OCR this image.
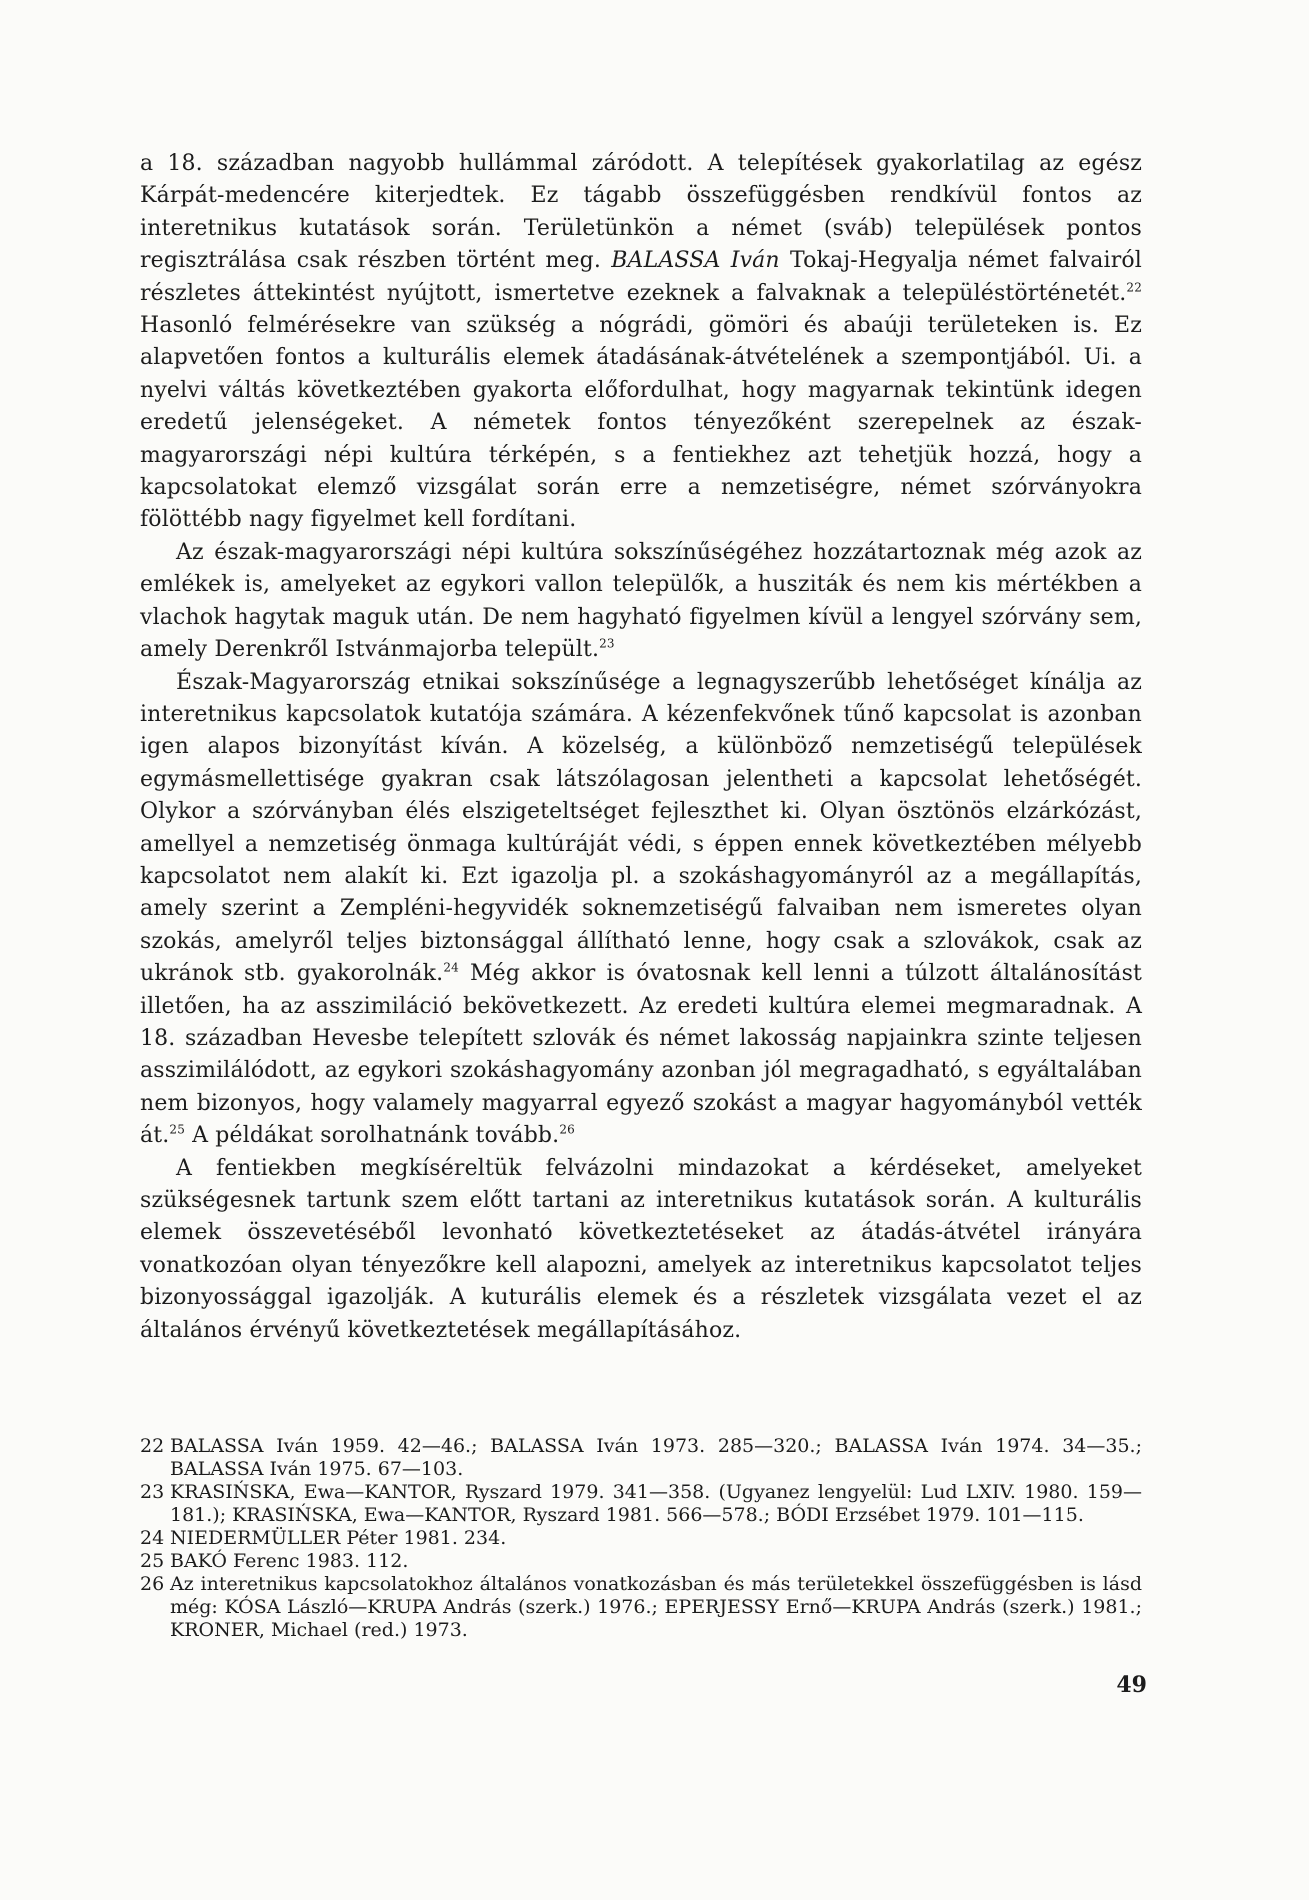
a 18. században nagyobb hullámmal záródott. A telepítések gyakorlatilag az egész Kárpát-medencére kiterjedtek. Ez tágabb összefüggésben rendkívül fontos az interetnikus kutatások során. Területünkön a német (sváb) települések pontos regisztrálása csak részben történt meg. BALASSA Iván Tokaj-Hegyalja német falvairól részletes áttekintést nyújtott, ismertetve ezeknek a falvaknak a településtörténetét.$^{22}$ Hasonló felmérésekre van szükség a nógrádi, gömöri és abaúji területeken is. Ez alapvetően fontos a kulturális elemek átadásának-átvételének a szempontjából. Ui. a nyelvi váltás következtében gyakorta előfordulhat, hogy magyarnak tekintünk idegen eredetű jelenségeket. A németek fontos tényezőként szerepelnek az észak-magyarországi népi kultúra térképén, s a fentiekhez azt tehetjük hozzá, hogy a kapcsolatokat elemző vizsgálat során erre a nemzetiségre, német szórványokra fölöttébb nagy figyelmet kell fordítani.

Az észak-magyarországi népi kultúra sokszínűségéhez hozzátartoznak még azok az emlékek is, amelyeket az egykori vallon települők, a husziták és nem kis mértékben a vlachok hagytak maguk után. De nem hagyható figyelmen kívül a lengyel szórvány sem, amely Derenkről Istvánmajorba települt.$^{23}$

Észak-Magyarország etnikai sokszínűsége a legnagyszerűbb lehetőséget kínálja az interetnikus kapcsolatok kutatója számára. A kézenfekvőnek tűnő kapcsolat is azonban igen alapos bizonyítást kíván. A közelség, a különböző nemzetiségű települések egymásmellettisége gyakran csak látszólagosan jelentheti a kapcsolat lehetőségét. Olykor a szórványban élés elszigeteltséget fejleszthet ki. Olyan ösztönös elzárkózást, amellyel a nemzetiség önmaga kultúráját védi, s éppen ennek következtében mélyebb kapcsolatot nem alakít ki. Ezt igazolja pl. a szokáshagyományról az a megállapítás, amely szerint a Zempléni-hegyvidék soknemzetiségű falvaiban nem ismeretes olyan szokás, amelyről teljes biztonsággal állítható lenne, hogy csak a szlovákok, csak az ukránok stb. gyakorolnák.$^{24}$ Még akkor is óvatosnak kell lenni a túlzott általánosítást illetően, ha az asszimiláció bekövetkezett. Az eredeti kultúra elemei megmaradnak. A 18. században Hevesbe telepített szlovák és német lakosság napjainkra szinte teljesen asszimilálódott, az egykori szokáshagyomány azonban jól megragadható, s egyáltalában nem bizonyos, hogy valamely magyarral egyező szokást a magyar hagyományból vették át.$^{25}$ A példákat sorolhatnánk tovább.$^{26}$

A fentiekben megkíséreltük felvázolni mindazokat a kérdéseket, amelyeket szükségesnek tartunk szem előtt tartani az interetnikus kutatások során. A kulturális elemek összevetéséből levonható következtetéseket az átadás-átvétel irányára vonatkozóan olyan tényezőkre kell alapozni, amelyek az interetnikus kapcsolatot teljes bizonyossággal igazolják. A kuturális elemek és a részletek vizsgálata vezet el az általános érvényű következtetések megállapításához.

22 BALASSA Iván 1959. 42—46.; BALASSA Iván 1973. 285—320.; BALASSA Iván 1974. 34—35.; BALASSA Iván 1975. 67—103.
23 KRASIŃSKA, Ewa—KANTOR, Ryszard 1979. 341—358. (Ugyanez lengyelül: Lud LXIV. 1980. 159—181.); KRASIŃSKA, Ewa—KANTOR, Ryszard 1981. 566—578.; BÓDI Erzsébet 1979. 101—115.
24 NIEDERMÜLLER Péter 1981. 234.
25 BAKÓ Ferenc 1983. 112.
26 Az interetnikus kapcsolatokhoz általános vonatkozásban és más területekkel összefüggésben is lásd még: KÓSA László—KRUPA András (szerk.) 1976.; EPERJESSY Ernő—KRUPA András (szerk.) 1981.; KRONER, Michael (red.) 1973.
49
